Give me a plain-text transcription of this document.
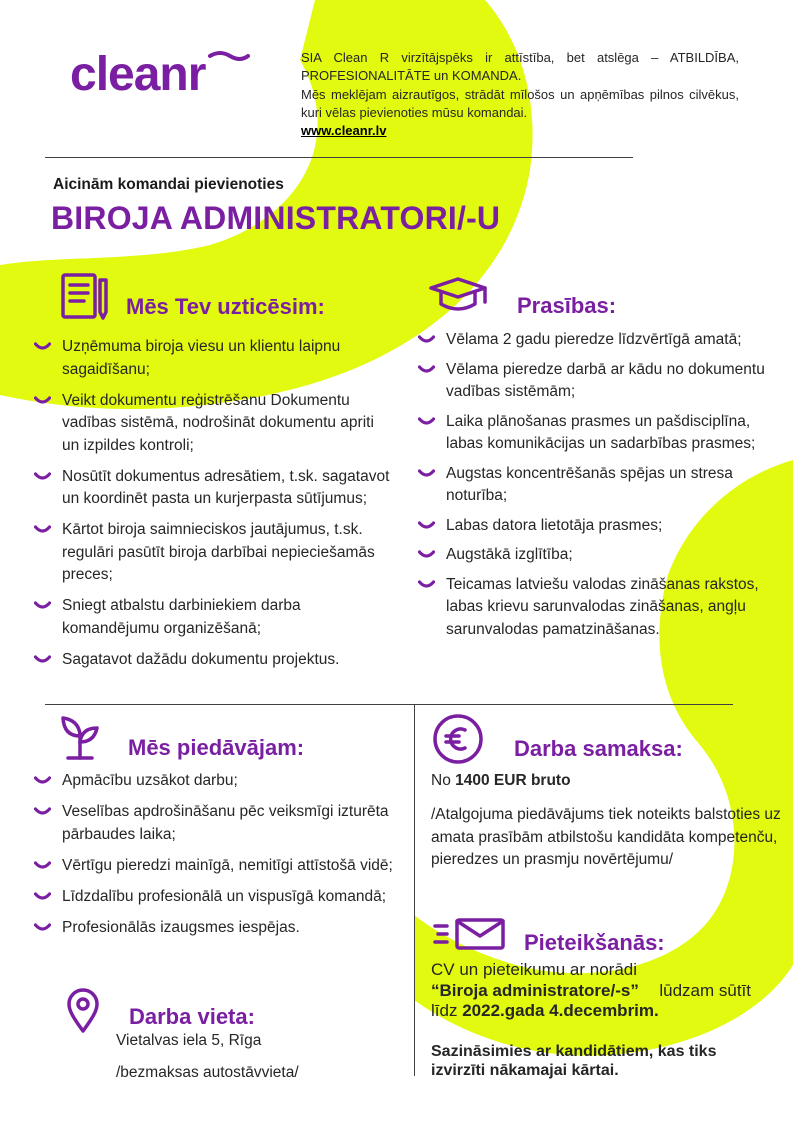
cleanr	SIA Clean R virzītājspēks ir attīstība, bet atslēga – ATBILDĪBA, PROFESIONALITĀTE un KOMANDA.

Mēs meklējam aizrautīgos, strādāt mīlošos un apņēmības pilnos cilvēkus, kuri vēlas pievienoties mūsu komandai.

www.cleanr.lv

Aicinām komandai pievienoties
BIROJA ADMINISTRATORI/-U
Mēs Tev uzticēsim:
Uzņēmuma biroja viesu un klientu laipnu sagaidīšanu;
Veikt dokumentu reģistrēšanu Dokumentu vadības sistēmā, nodrošināt dokumentu apriti un izpildes kontroli;
Nosūtīt dokumentus adresātiem, t.sk. sagatavot un koordinēt pasta un kurjerpasta sūtījumus;
Kārtot biroja saimnieciskos jautājumus, t.sk. regulāri pasūtīt biroja darbībai nepieciešamās preces;
Sniegt atbalstu darbiniekiem darba komandējumu organizēšanā;
Sagatavot dažādu dokumentu projektus.
Prasības:
Vēlama 2 gadu pieredze līdzvērtīgā amatā;
Vēlama pieredze darbā ar kādu no dokumentu vadības sistēmām;
Laika plānošanas prasmes un pašdisciplīna, labas komunikācijas un sadarbības prasmes;
Augstas koncentrēšanās spējas un stresa noturība;
Labas datora lietotāja prasmes;
Augstākā izglītība;
Teicamas latviešu valodas zināšanas rakstos, labas krievu sarunvalodas zināšanas, angļu sarunvalodas pamatzināšanas.
Mēs piedāvājam:
Apmācību uzsākot darbu;
Veselības apdrošināšanu pēc veiksmīgi izturēta pārbaudes laika;
Vērtīgu pieredzi mainīgā, nemitīgi attīstošā vidē;
Līdzdalību profesionālā un vispusīgā komandā;
Profesionālās izaugsmes iespējas.
Darba vieta:
Vietalvas iela 5, Rīga
/bezmaksas autostāvvieta/
Darba samaksa:
No 1400 EUR bruto
/Atalgojuma piedāvājums tiek noteikts balstoties uz amata prasībām atbilstošu kandidāta kompetenču, pieredzes un prasmju novērtējumu/
Pieteikšanās:
CV un pieteikumu ar norādi
“Biroja administratore/-s” lūdzam sūtīt
līdz 2022.gada 4.decembrim.
Sazināsimies ar kandidātiem, kas tiks izvirzīti nākamajai kārtai.
